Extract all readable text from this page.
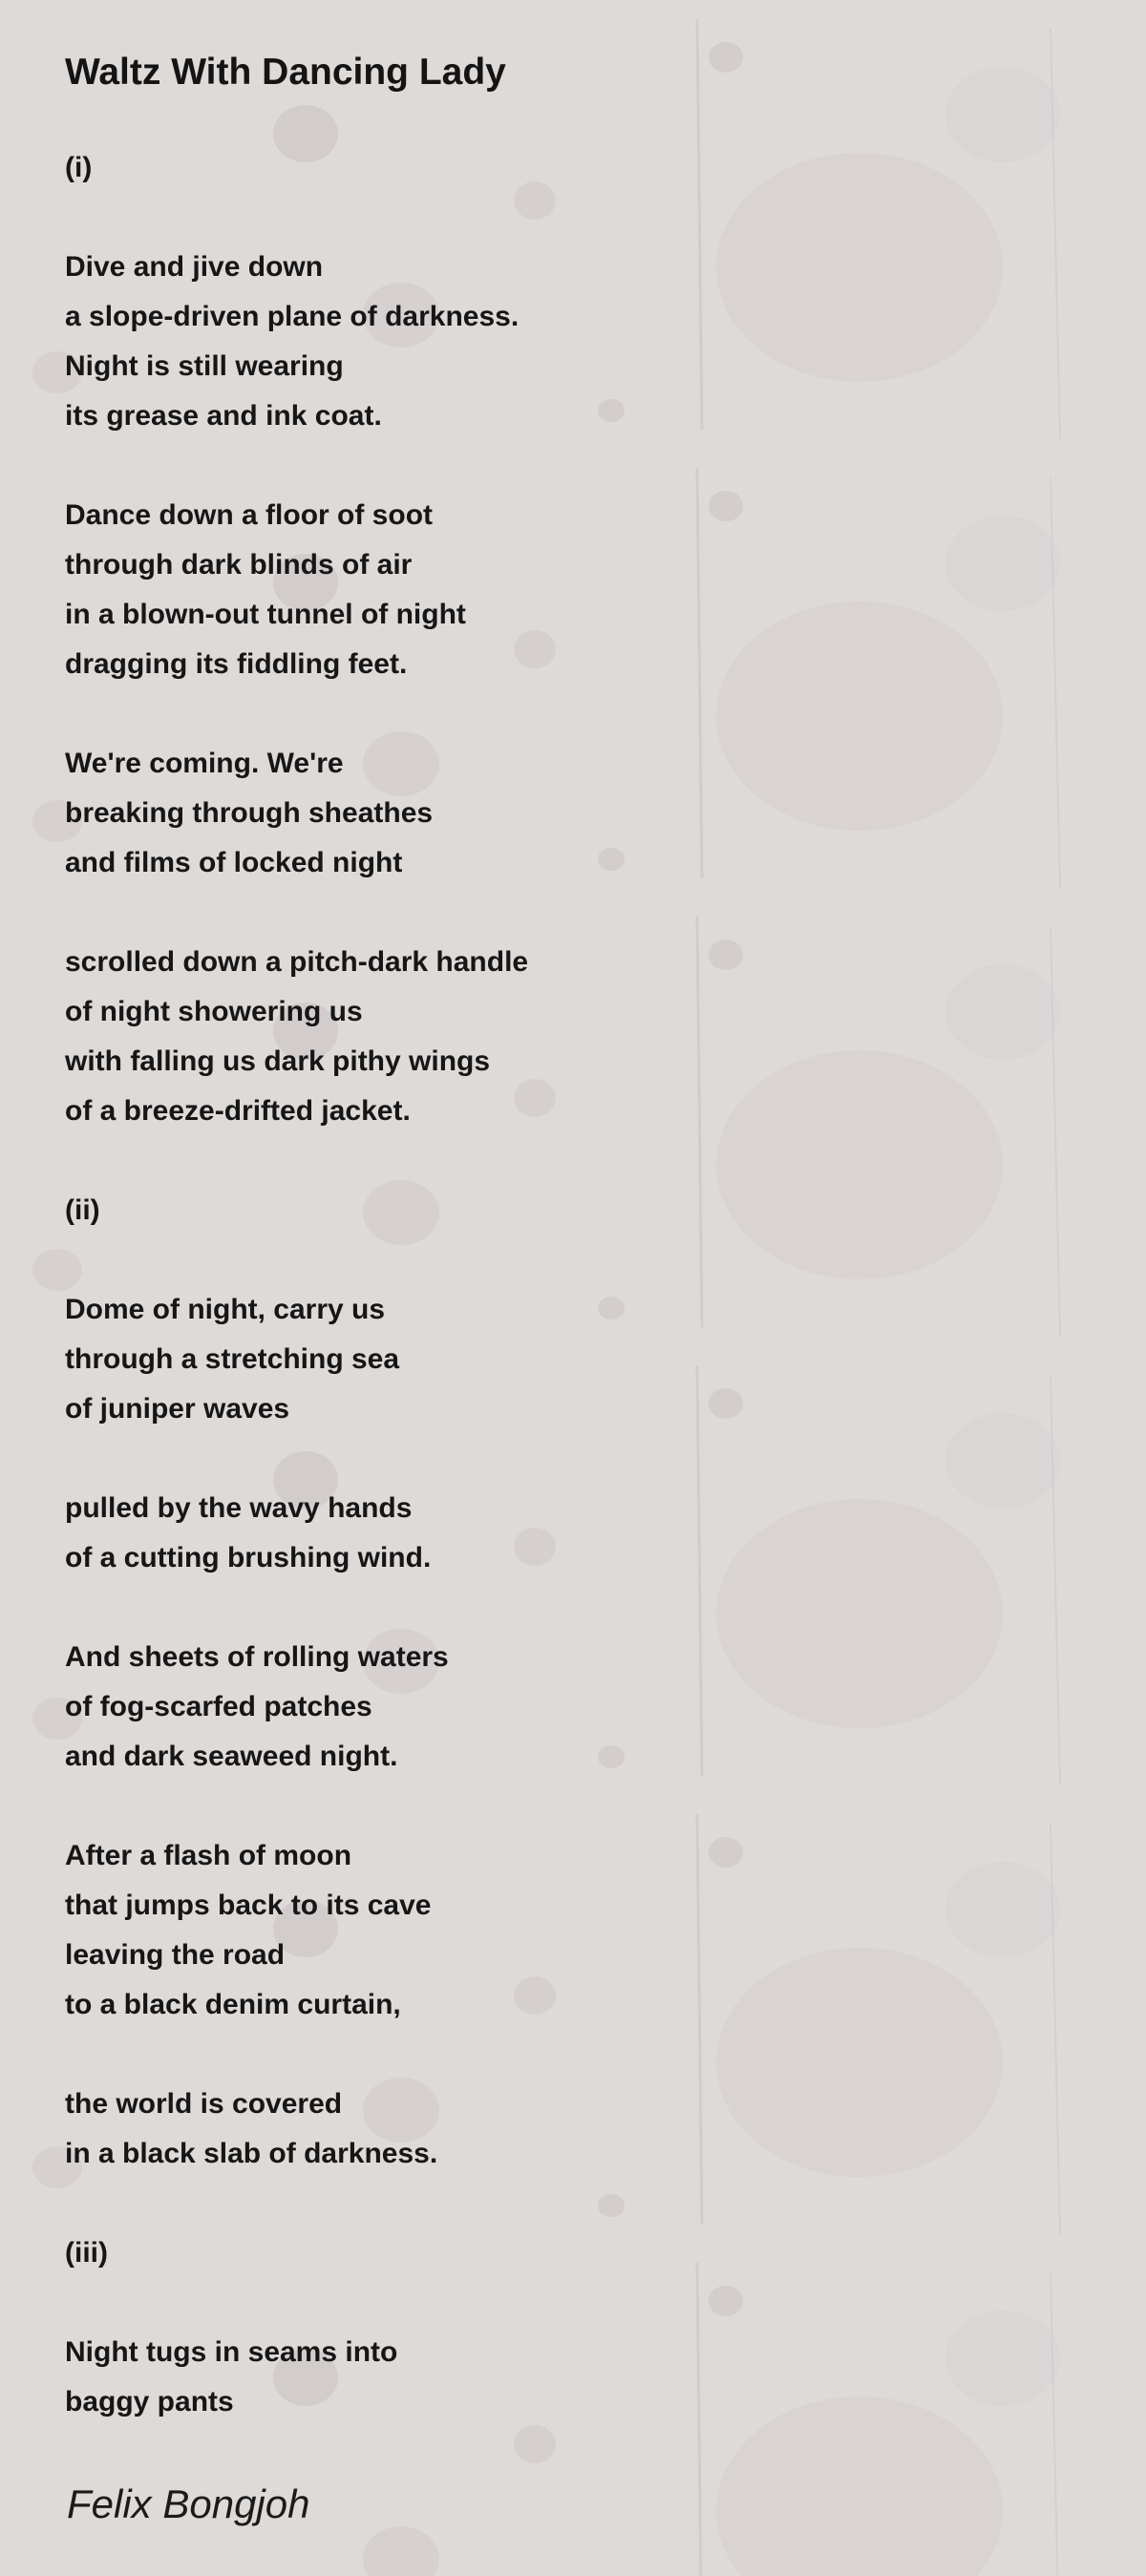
Waltz With Dancing Lady
(i)
Dive and jive down
a slope-driven plane of darkness.
Night is still wearing
its grease and ink coat.
Dance down a floor of soot
through dark blinds of air
in a blown-out tunnel of night
dragging its fiddling feet.
We're coming. We're
breaking through sheathes
and films of locked night
scrolled down a pitch-dark handle
of night showering us
with falling us dark pithy wings
of a breeze-drifted jacket.
(ii)
Dome of night, carry us
through a stretching sea
of juniper waves
pulled by the wavy hands
of a cutting brushing wind.
And sheets of rolling waters
of fog-scarfed patches
and dark seaweed night.
After a flash of moon
that jumps back to its cave
leaving the road
to a black denim curtain,
the world is covered
in a black slab of darkness.
(iii)
Night tugs in seams into
baggy pants

Felix Bongjoh
